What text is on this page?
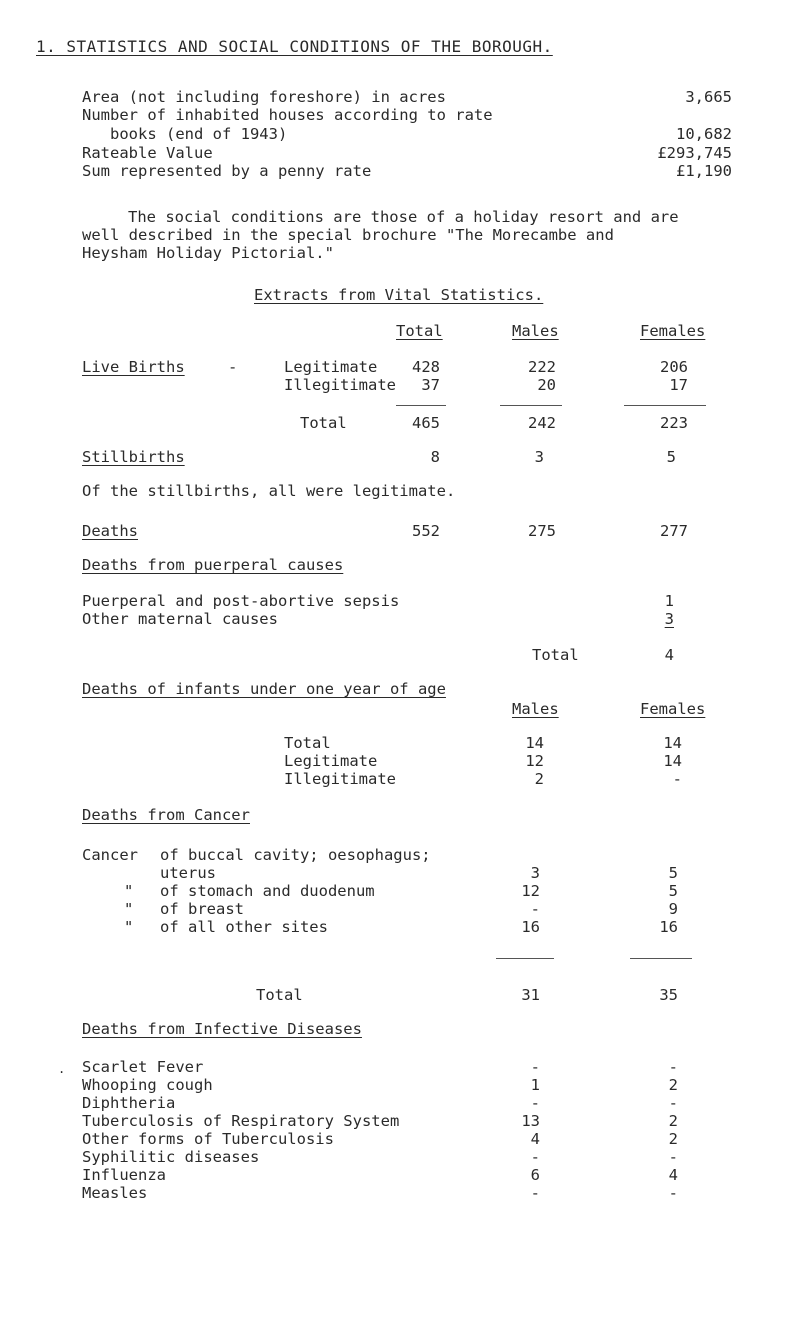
1. STATISTICS AND SOCIAL CONDITIONS OF THE BOROUGH.
Area (not including foreshore) in acres	3,665
Number of inhabited houses according to rate
books (end of 1943)	10,682
Rateable Value	£293,745
Sum represented by a penny rate	£1,190
The social conditions are those of a holiday resort and are
well described in the special brochure "The Morecambe and
Heysham Holiday Pictorial."
Extracts from Vital Statistics.
Total	Males	Females
Live Births	-	Legitimate	428	222	206
Illegitimate	37	20	17
Total	465	242	223
Stillbirths	8	3	5
Of the stillbirths, all were legitimate.
Deaths	552	275	277
Deaths from puerperal causes
Puerperal and post-abortive sepsis	1
Other maternal causes	3
Total	4
Deaths of infants under one year of age
Males	Females
Total	14	14
Legitimate	12	14
Illegitimate	2	-
Deaths from Cancer
Cancer of buccal cavity; oesophagus;
uterus	3	5
" of stomach and duodenum	12	5
" of breast	-	9
" of all other sites	16	16
Total	31	35
Deaths from Infective Diseases
. Scarlet Fever	-	-
Whooping cough	1	2
Diphtheria	-	-
Tuberculosis of Respiratory System	13	2
Other forms of Tuberculosis	4	2
Syphilitic diseases	-	-
Influenza	6	4
Measles	-	-
